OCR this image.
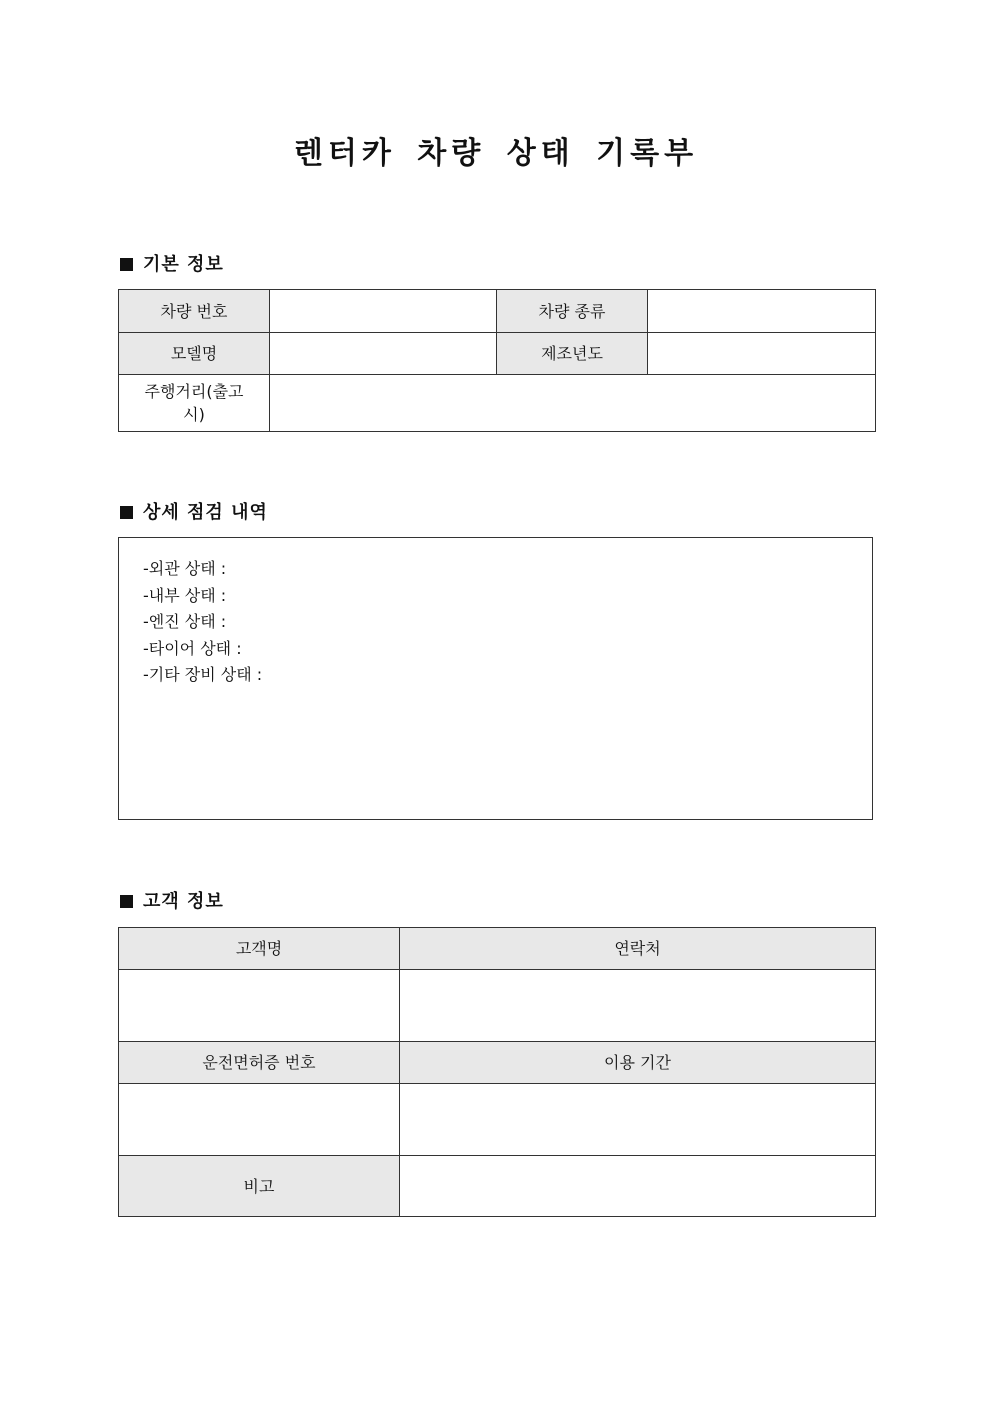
렌터카 차량 상태 기록부
기본 정보
차량 번호		차량 종류	
모델명		제조년도	

주행거리(출고
시)			

상세 점검 내역

-외관 상태 :

-내부 상태 :

-엔진 상태 :

-타이어 상태 :

-기타 장비 상태 :

고객 정보
고객명	연락처

운전면허증 번호	이용 기간

비고	
